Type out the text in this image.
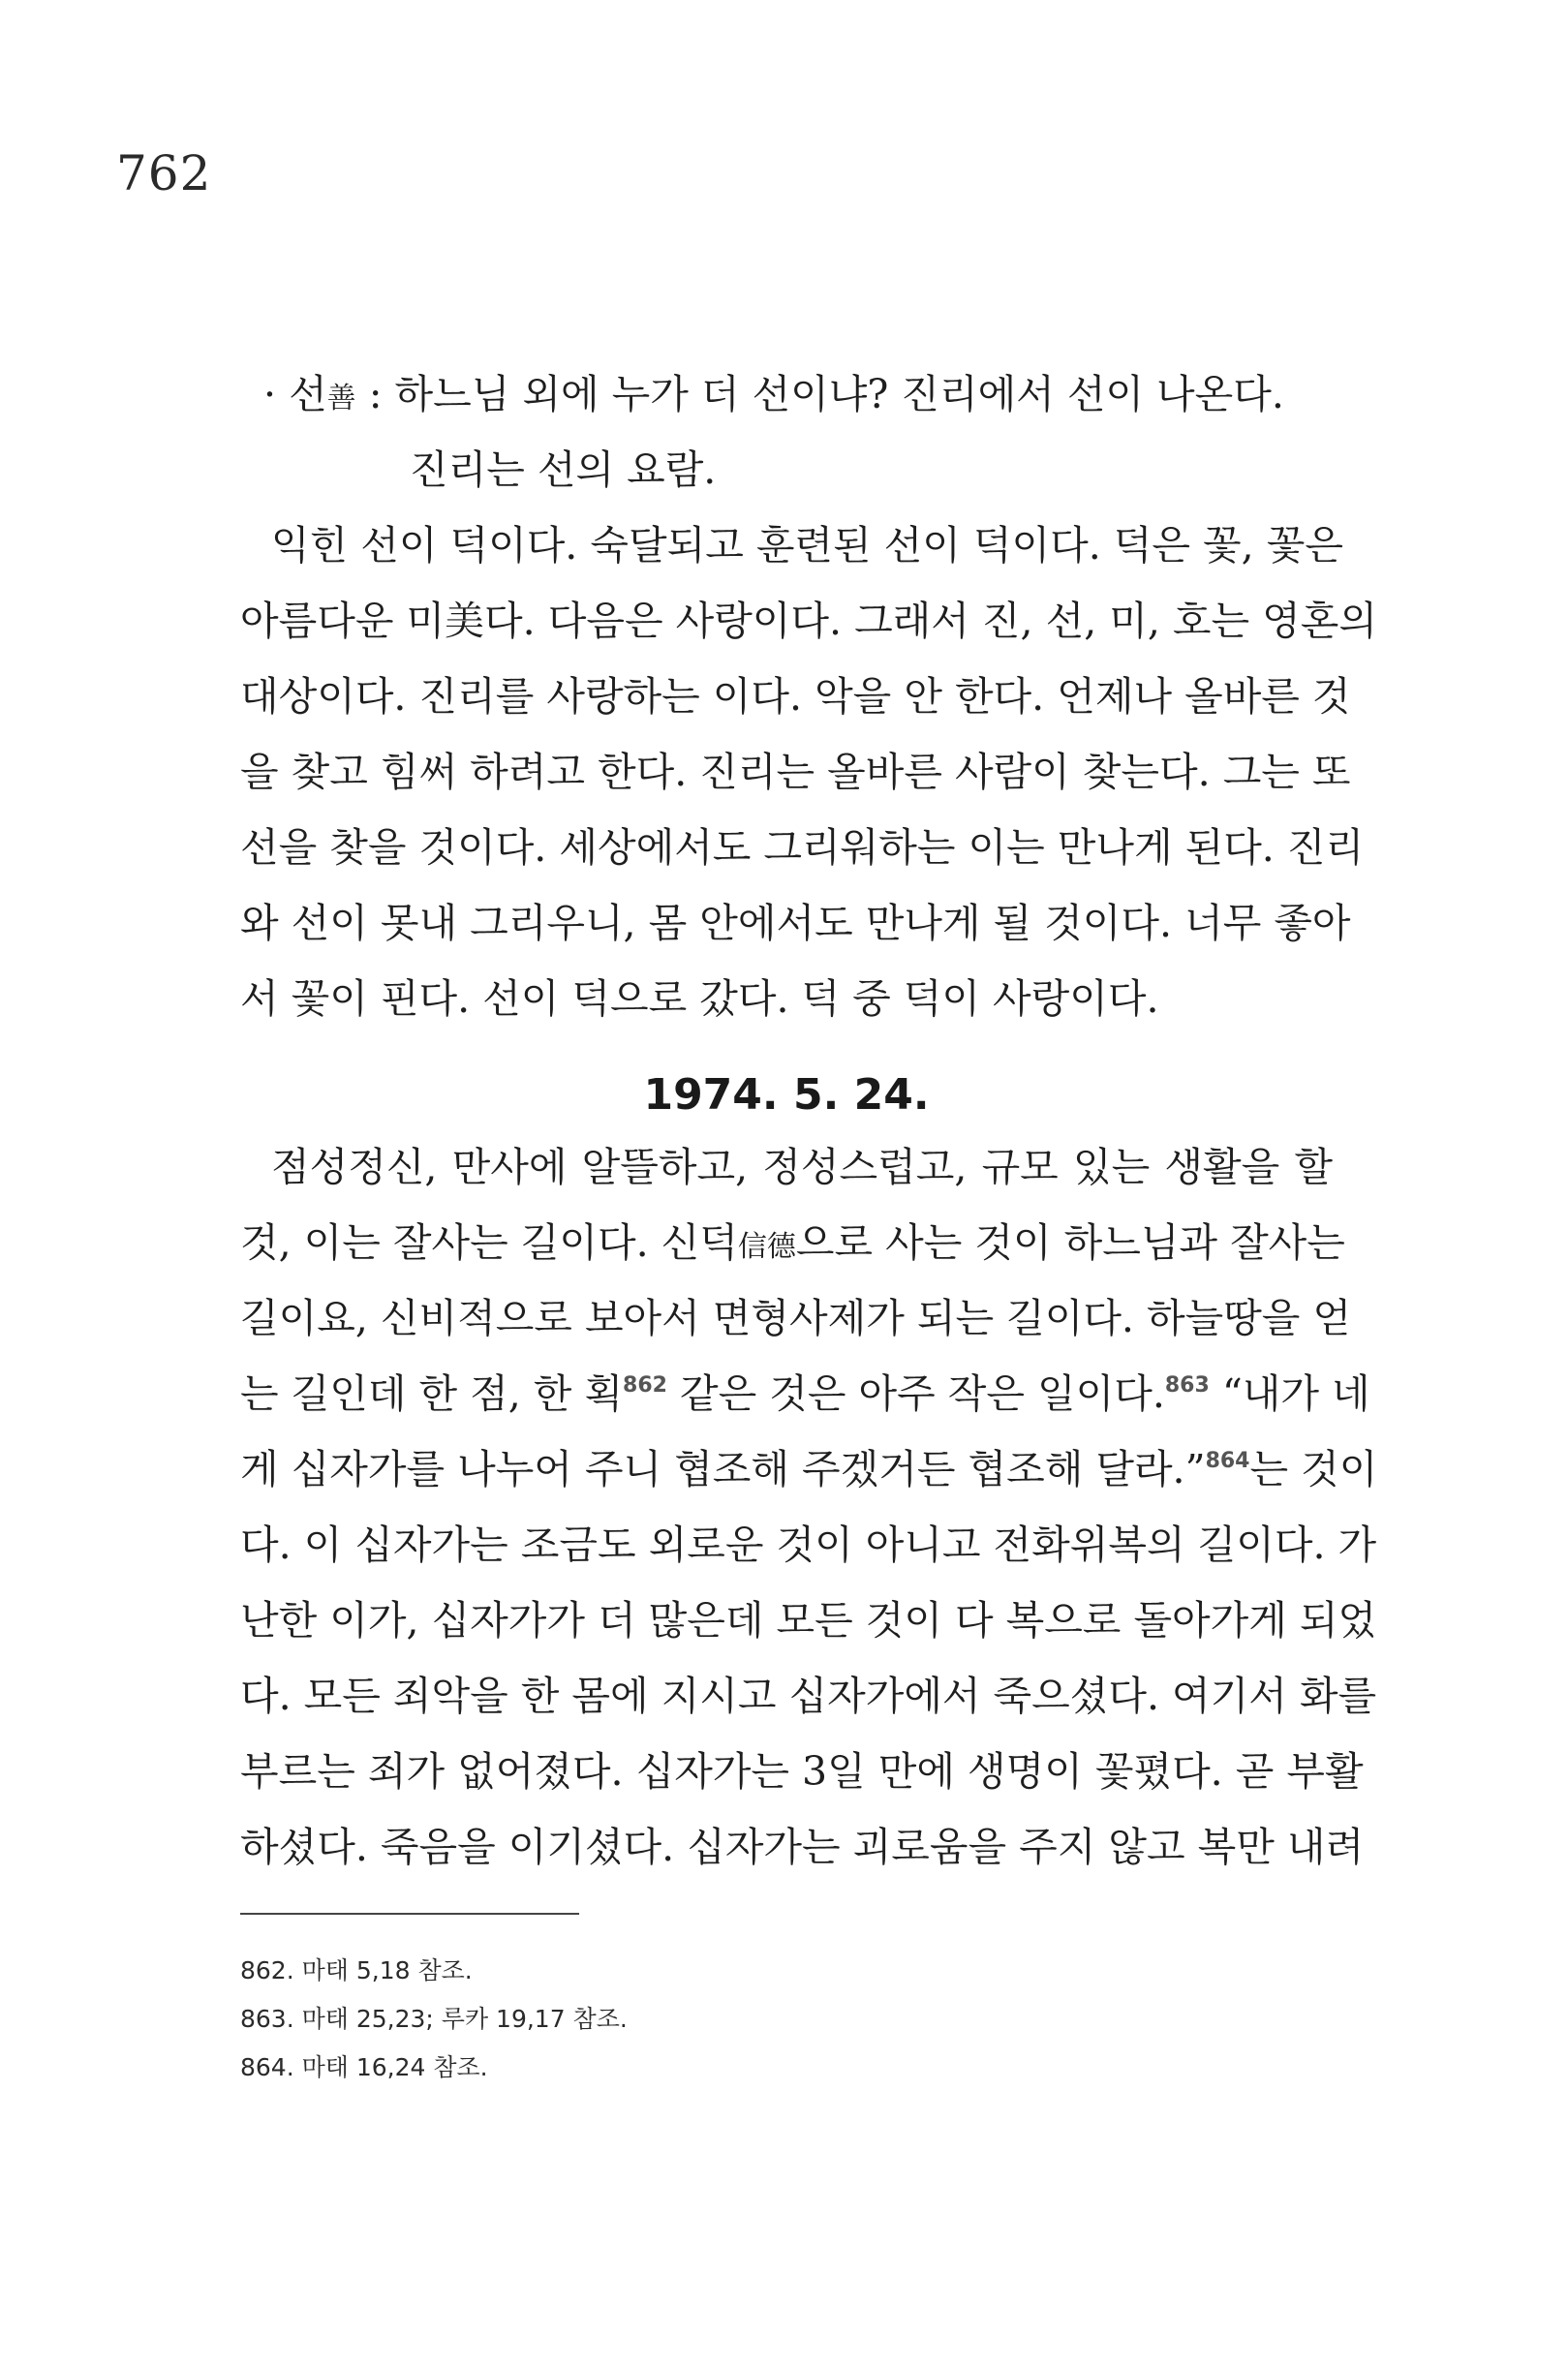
762
· 선善 : 하느님 외에 누가 더 선이냐? 진리에서 선이 나온다.
진리는 선의 요람.
익힌 선이 덕이다. 숙달되고 훈련된 선이 덕이다. 덕은 꽃, 꽃은
아름다운 미美다. 다음은 사랑이다. 그래서 진, 선, 미, 호는 영혼의
대상이다. 진리를 사랑하는 이다. 악을 안 한다. 언제나 올바른 것
을 찾고 힘써 하려고 한다. 진리는 올바른 사람이 찾는다. 그는 또
선을 찾을 것이다. 세상에서도 그리워하는 이는 만나게 된다. 진리
와 선이 못내 그리우니, 몸 안에서도 만나게 될 것이다. 너무 좋아
서 꽃이 핀다. 선이 덕으로 갔다. 덕 중 덕이 사랑이다.
1974. 5. 24.
점성정신, 만사에 알뜰하고, 정성스럽고, 규모 있는 생활을 할
것, 이는 잘사는 길이다. 신덕信德으로 사는 것이 하느님과 잘사는
길이요, 신비적으로 보아서 면형사제가 되는 길이다. 하늘땅을 얻
는 길인데 한 점, 한 획$^{862}$ 같은 것은 아주 작은 일이다.$^{863}$ “내가 네
게 십자가를 나누어 주니 협조해 주겠거든 협조해 달라.”$^{864}$는 것이
다. 이 십자가는 조금도 외로운 것이 아니고 전화위복의 길이다. 가
난한 이가, 십자가가 더 많은데 모든 것이 다 복으로 돌아가게 되었
다. 모든 죄악을 한 몸에 지시고 십자가에서 죽으셨다. 여기서 화를
부르는 죄가 없어졌다. 십자가는 3일 만에 생명이 꽃폈다. 곧 부활
하셨다. 죽음을 이기셨다. 십자가는 괴로움을 주지 않고 복만 내려
862. 마태 5,18 참조.
863. 마태 25,23; 루카 19,17 참조.
864. 마태 16,24 참조.
